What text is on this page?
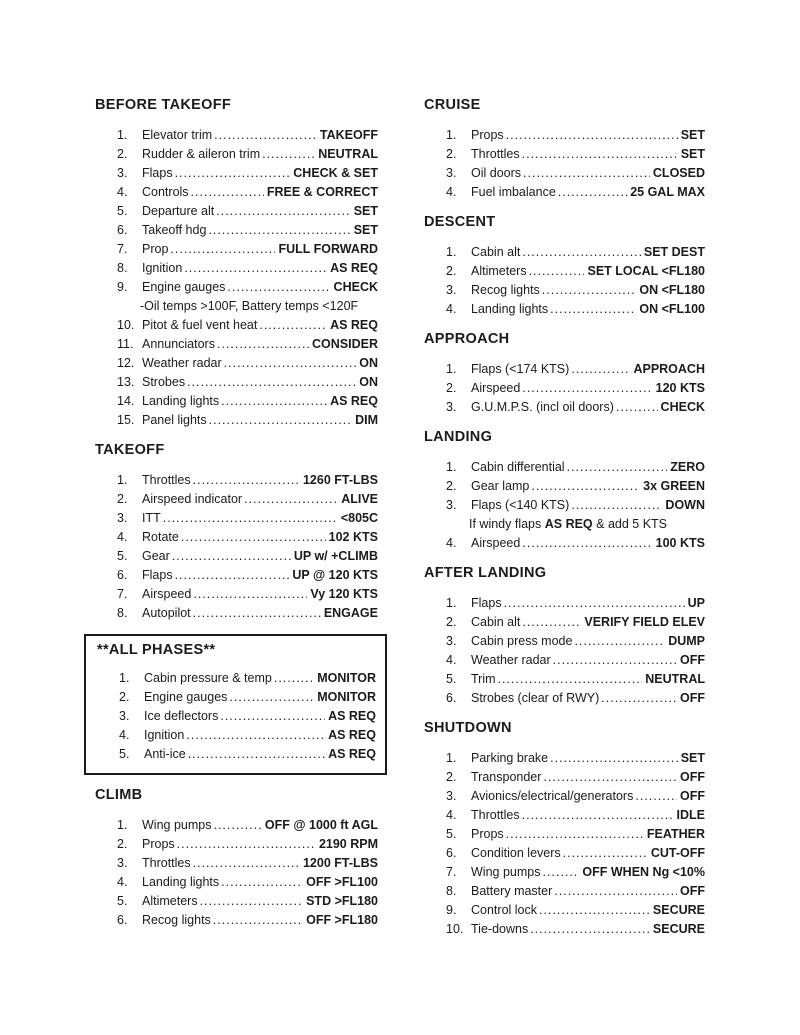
BEFORE TAKEOFF
1.	Elevator trim .....	TAKEOFF
2.	Rudder & aileron trim .....	NEUTRAL
3.	Flaps .....	CHECK & SET
4.	Controls .....	FREE & CORRECT
5.	Departure alt .....	SET
6.	Takeoff hdg .....	SET
7.	Prop .....	FULL FORWARD
8.	Ignition .....	AS REQ
9.	Engine gauges .....	CHECK
-Oil temps >100F, Battery temps <120F
10. Pitot & fuel vent heat .....	AS REQ
11. Annunciators .....	CONSIDER
12. Weather radar .....	ON
13. Strobes .....	ON
14. Landing lights .....	AS REQ
15. Panel lights .....	DIM
TAKEOFF
1.	Throttles .....	1260 FT-LBS
2.	Airspeed indicator .....	ALIVE
3.	ITT .....	<805C
4.	Rotate .....	102 KTS
5.	Gear .....	UP w/ +CLIMB
6.	Flaps .....	UP @ 120 KTS
7.	Airspeed .....	Vy 120 KTS
8.	Autopilot .....	ENGAGE
**ALL PHASES**
1.	Cabin pressure & temp .....	MONITOR
2.	Engine gauges .....	MONITOR
3.	Ice deflectors .....	AS REQ
4.	Ignition .....	AS REQ
5.	Anti-ice .....	AS REQ
CLIMB
1.	Wing pumps .....	OFF @ 1000 ft AGL
2.	Props .....	2190 RPM
3.	Throttles .....	1200 FT-LBS
4.	Landing lights .....	OFF >FL100
5.	Altimeters .....	STD >FL180
6.	Recog lights .....	OFF >FL180
CRUISE
1.	Props .....	SET
2.	Throttles .....	SET
3.	Oil doors .....	CLOSED
4.	Fuel imbalance .....	25 GAL MAX
DESCENT
1.	Cabin alt .....	SET DEST
2.	Altimeters .....	SET LOCAL <FL180
3.	Recog lights .....	ON <FL180
4.	Landing lights .....	ON <FL100
APPROACH
1.	Flaps (<174 KTS) .....	APPROACH
2.	Airspeed .....	120 KTS
3.	G.U.M.P.S. (incl oil doors) .....	CHECK
LANDING
1.	Cabin differential .....	ZERO
2.	Gear lamp .....	3x GREEN
3.	Flaps (<140 KTS) .....	DOWN
If windy flaps AS REQ & add 5 KTS
4.	Airspeed .....	100 KTS
AFTER LANDING
1.	Flaps .....	UP
2.	Cabin alt .....	VERIFY FIELD ELEV
3.	Cabin press mode .....	DUMP
4.	Weather radar .....	OFF
5.	Trim .....	NEUTRAL
6.	Strobes (clear of RWY) .....	OFF
SHUTDOWN
1.	Parking brake .....	SET
2.	Transponder .....	OFF
3.	Avionics/electrical/generators .....	OFF
4.	Throttles .....	IDLE
5.	Props .....	FEATHER
6.	Condition levers .....	CUT-OFF
7.	Wing pumps .....	OFF WHEN Ng <10%
8.	Battery master .....	OFF
9.	Control lock .....	SECURE
10. Tie-downs .....	SECURE
